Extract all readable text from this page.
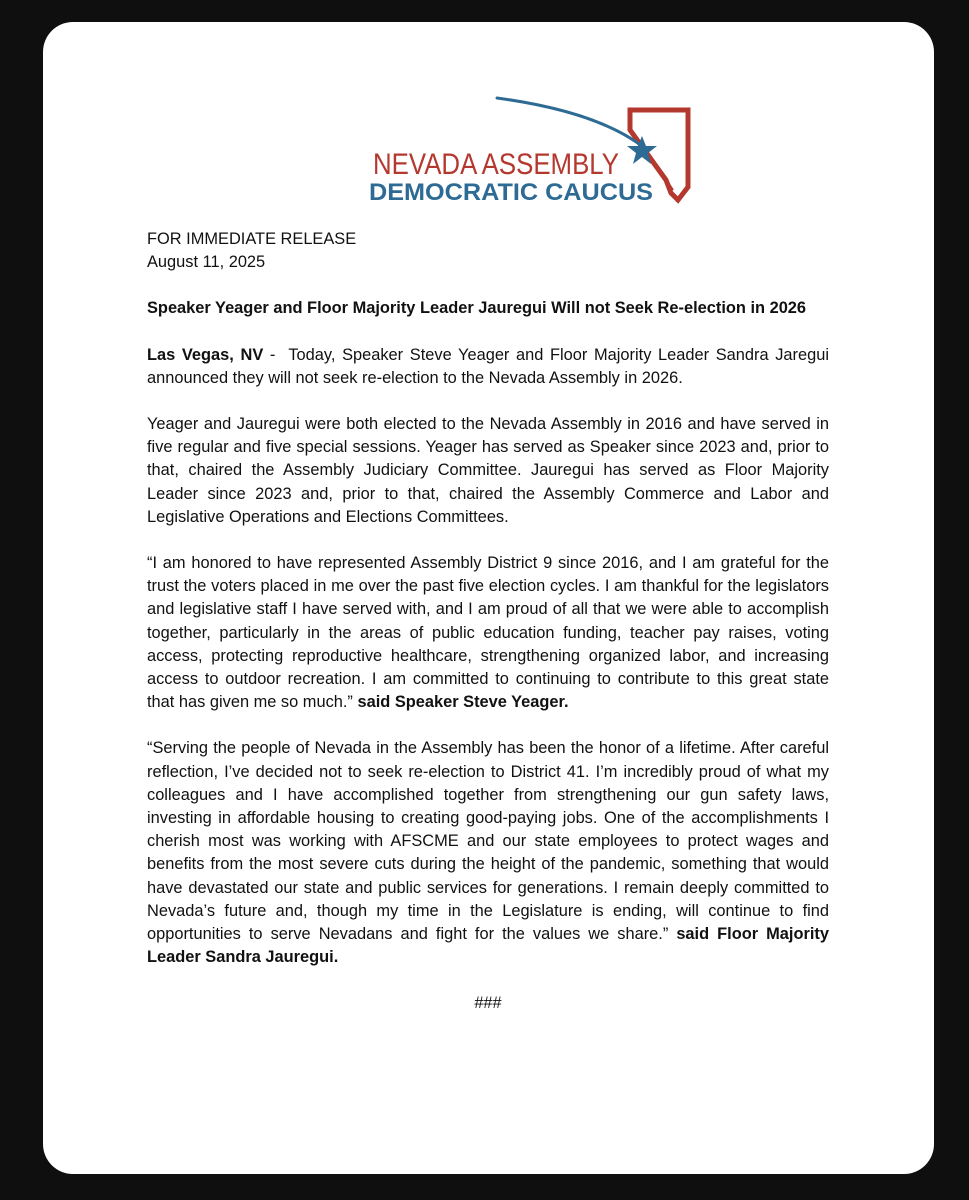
NEVADA ASSEMBLY
DEMOCRATIC CAUCUS

FOR IMMEDIATE RELEASE
August 11, 2025

Speaker Yeager and Floor Majority Leader Jauregui Will not Seek Re-election in 2026

Las Vegas, NV -  Today, Speaker Steve Yeager and Floor Majority Leader Sandra Jaregui announced they will not seek re-election to the Nevada Assembly in 2026.

Yeager and Jauregui were both elected to the Nevada Assembly in 2016 and have served in five regular and five special sessions. Yeager has served as Speaker since 2023 and, prior to that, chaired the Assembly Judiciary Committee. Jauregui has served as Floor Majority Leader since 2023 and, prior to that, chaired the Assembly Commerce and Labor and Legislative Operations and Elections Committees.

“I am honored to have represented Assembly District 9 since 2016, and I am grateful for the trust the voters placed in me over the past five election cycles. I am thankful for the legislators and legislative staff I have served with, and I am proud of all that we were able to accomplish together, particularly in the areas of public education funding, teacher pay raises, voting access, protecting reproductive healthcare, strengthening organized labor, and increasing access to outdoor recreation. I am committed to continuing to contribute to this great state that has given me so much.” said Speaker Steve Yeager.

“Serving the people of Nevada in the Assembly has been the honor of a lifetime. After careful reflection, I’ve decided not to seek re-election to District 41. I’m incredibly proud of what my colleagues and I have accomplished together from strengthening our gun safety laws, investing in affordable housing to creating good-paying jobs. One of the accomplishments I cherish most was working with AFSCME and our state employees to protect wages and benefits from the most severe cuts during the height of the pandemic, something that would have devastated our state and public services for generations. I remain deeply committed to Nevada’s future and, though my time in the Legislature is ending, will continue to find opportunities to serve Nevadans and fight for the values we share.” said Floor Majority Leader Sandra Jauregui.

###
